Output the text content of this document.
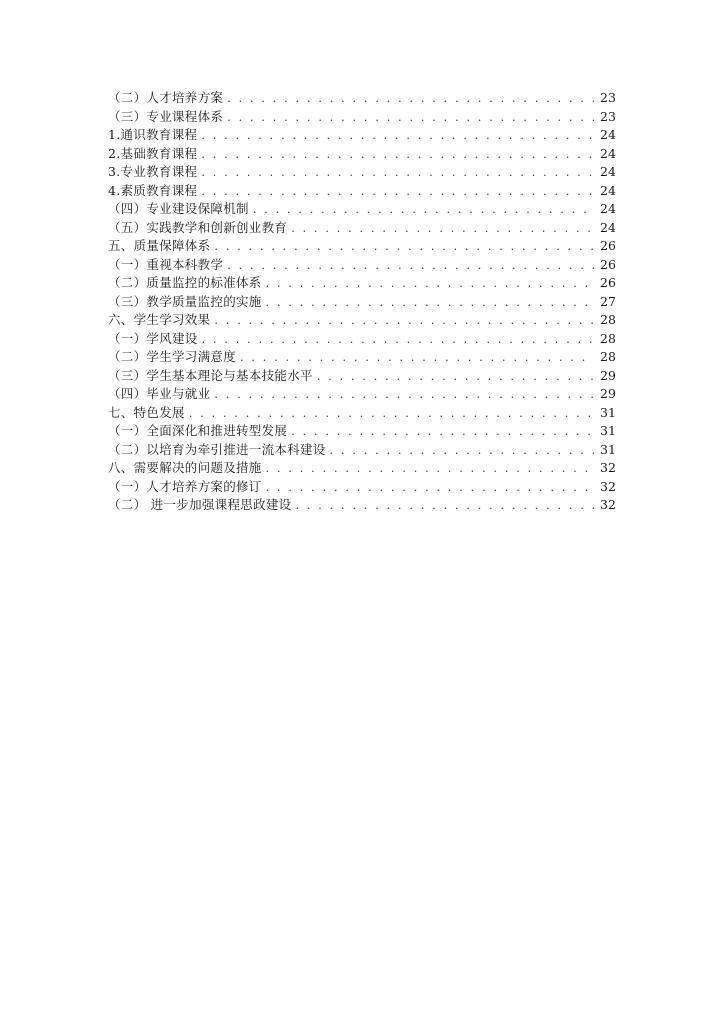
（二）人才培养方案 . . .	23
（三）专业课程体系 . . .	23
1.通识教育课程 . . .	24
2.基础教育课程 . . .	24
3.专业教育课程 . . .	24
4.素质教育课程 . . .	24
（四）专业建设保障机制 . . .	24
（五）实践教学和创新创业教育 . . .	24
五、质量保障体系 . . .	26
（一）重视本科教学 . . .	26
（二）质量监控的标准体系 . . .	26
（三）教学质量监控的实施 . . .	27
六、学生学习效果 . . .	28
（一）学风建设 . . .	28
（二）学生学习满意度 . . .	28
（三）学生基本理论与基本技能水平 . . .	29
（四）毕业与就业 . . .	29
七、特色发展 . . .	31
（一）全面深化和推进转型发展 . . .	31
（二）以培育为牵引推进一流本科建设 . . .	31
八、需要解决的问题及措施 . . .	32
（一）人才培养方案的修订 . . .	32
（二） 进一步加强课程思政建设 . . .	32
